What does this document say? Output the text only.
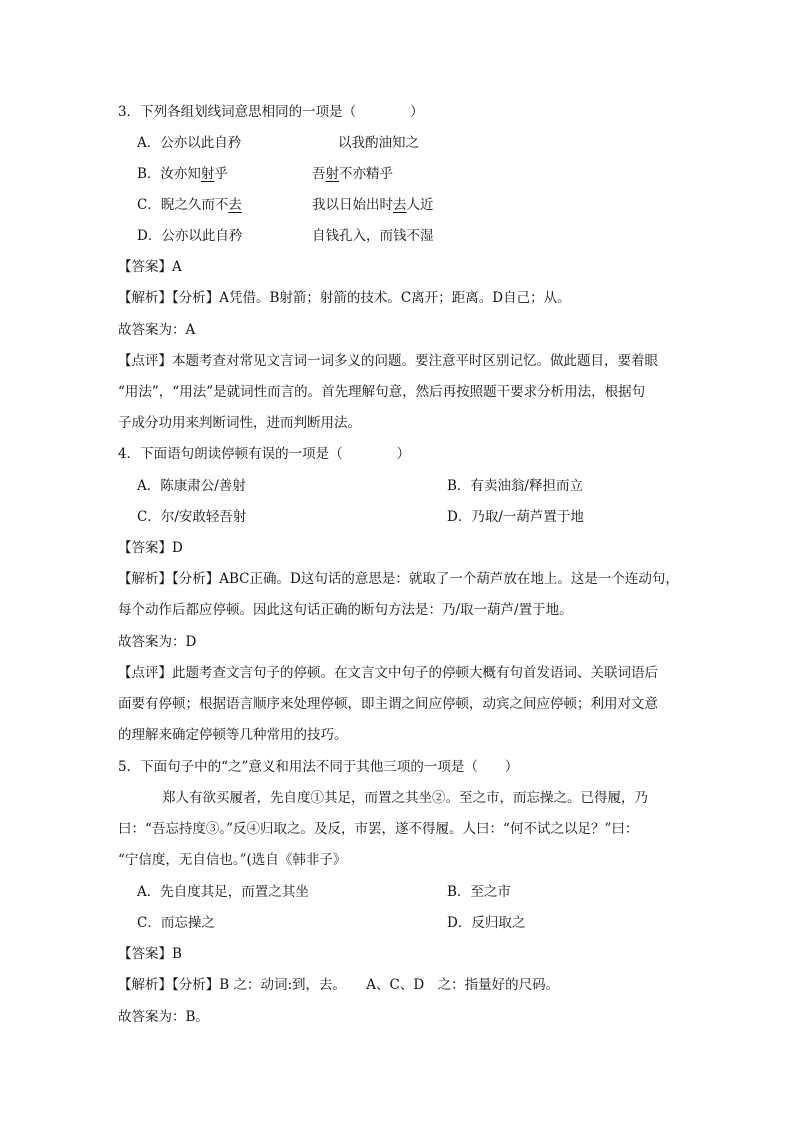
3．下列各组划线词意思相同的一项是（　　　　）
A．公亦以此自矜	以我酌油知之
B．汝亦知射乎	吾射不亦精乎
C．睨之久而不去	我以日始出时去人近
D．公亦以此自矜	自钱孔入，而钱不湿
【答案】A
【解析】【分析】A凭借。B射箭；射箭的技术。C离开；距离。D自己；从。
故答案为：A
【点评】本题考查对常见文言词一词多义的问题。要注意平时区别记忆。做此题目，要着眼
“用法”，“用法”是就词性而言的。首先理解句意，然后再按照题干要求分析用法，根据句
子成分功用来判断词性，进而判断用法。
4．下面语句朗读停顿有误的一项是（　　　　）
A．陈康肃公/善射	B．有卖油翁/释担而立
C．尔/安敢轻吾射	D．乃取/一葫芦置于地
【答案】D
【解析】【分析】ABC正确。D这句话的意思是：就取了一个葫芦放在地上。这是一个连动句，
每个动作后都应停顿。因此这句话正确的断句方法是：乃/取一葫芦/置于地。
故答案为：D
【点评】此题考查文言句子的停顿。在文言文中句子的停顿大概有句首发语词、关联词语后
面要有停顿；根据语言顺序来处理停顿，即主谓之间应停顿，动宾之间应停顿；利用对文意
的理解来确定停顿等几种常用的技巧。
5．下面句子中的“之”意义和用法不同于其他三项的一项是（　　）
郑人有欲买履者，先自度①其足，而置之其坐②。至之市，而忘操之。已得履，乃
曰：“吾忘持度③。”反④归取之。及反，市罢，遂不得履。人曰：“何不试之以足？”曰：
“宁信度，无自信也。”(选自《韩非子》
A．先自度其足，而置之其坐	B．至之市
C．而忘操之	D．反归取之
【答案】B
【解析】【分析】B 之：动词:到，去。　　A、C、D　之：指量好的尺码。
故答案为：B。
